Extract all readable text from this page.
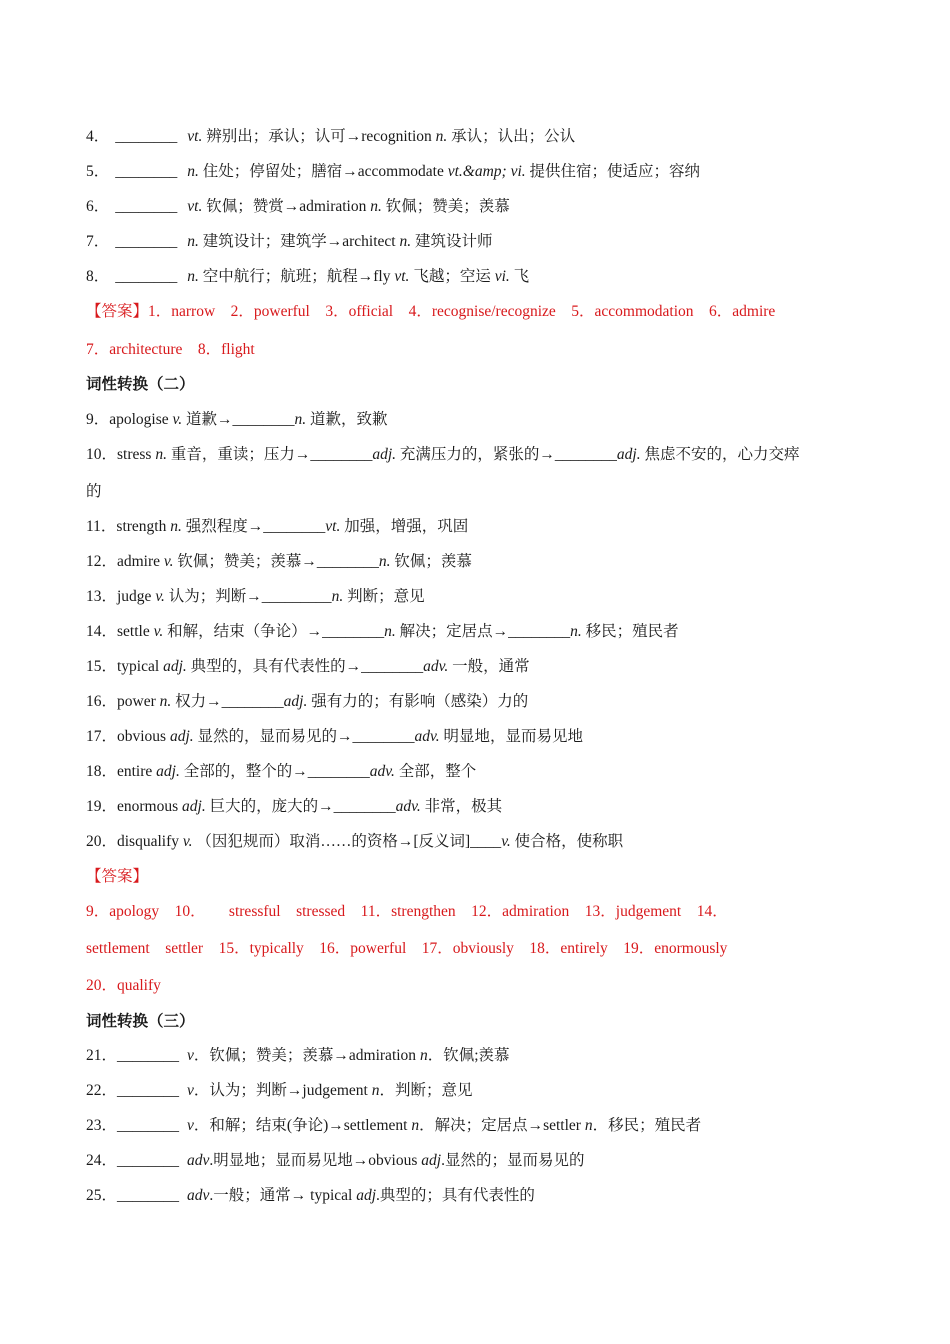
4． ________ vt. 辨别出；承认；认可→recognition n. 承认；认出；公认
5． ________ n. 住处；停留处；膳宿→accommodate vt.&amp; vi. 提供住宿；使适应；容纳
6． ________ vt. 钦佩；赞赏→admiration n. 钦佩；赞美；羡慕
7． ________ n. 建筑设计；建筑学→architect n. 建筑设计师
8． ________ n. 空中航行；航班；航程→fly vt. 飞越；空运 vi. 飞
【答案】1．narrow　2．powerful　3．official　4．recognise/recognize　5．accommodation　6．admire
7．architecture　8．flight
词性转换（二）
9．apologise v. 道歉→________n. 道歉，致歉
10．stress n. 重音，重读；压力→________adj. 充满压力的，紧张的→________adj. 焦虑不安的，心力交瘁
的
11．strength n. 强烈程度→________vt. 加强，增强，巩固
12．admire v. 钦佩；赞美；羡慕→________n. 钦佩；羡慕
13．judge v. 认为；判断→_________n. 判断；意见
14．settle v. 和解，结束（争论）→________n. 解决；定居点→________n. 移民；殖民者
15．typical adj. 典型的，具有代表性的→________adv. 一般，通常
16．power n. 权力→________adj. 强有力的；有影响（感染）力的
17．obvious adj. 显然的，显而易见的→________adv. 明显地，显而易见地
18．entire adj. 全部的，整个的→________adv. 全部，整个
19．enormous adj. 巨大的，庞大的→________adv. 非常，极其
20．disqualify v. （因犯规而）取消……的资格→[反义词]____v. 使合格，使称职
【答案】
9．apology　10．　　stressful　stressed　11．strengthen　12．admiration　13．judgement　14．
settlement　settler　15．typically　16．powerful　17．obviously　18．entirely　19．enormously
20．qualify
词性转换（三）
21．________ v．钦佩；赞美；羡慕→admiration n．钦佩;羡慕
22．________ v．认为；判断→judgement n．判断；意见
23．________ v．和解；结束(争论)→settlement n．解决；定居点→settler n．移民；殖民者
24．________ adv.明显地；显而易见地→obvious adj.显然的；显而易见的
25．________ adv.一般；通常→ typical adj.典型的；具有代表性的
